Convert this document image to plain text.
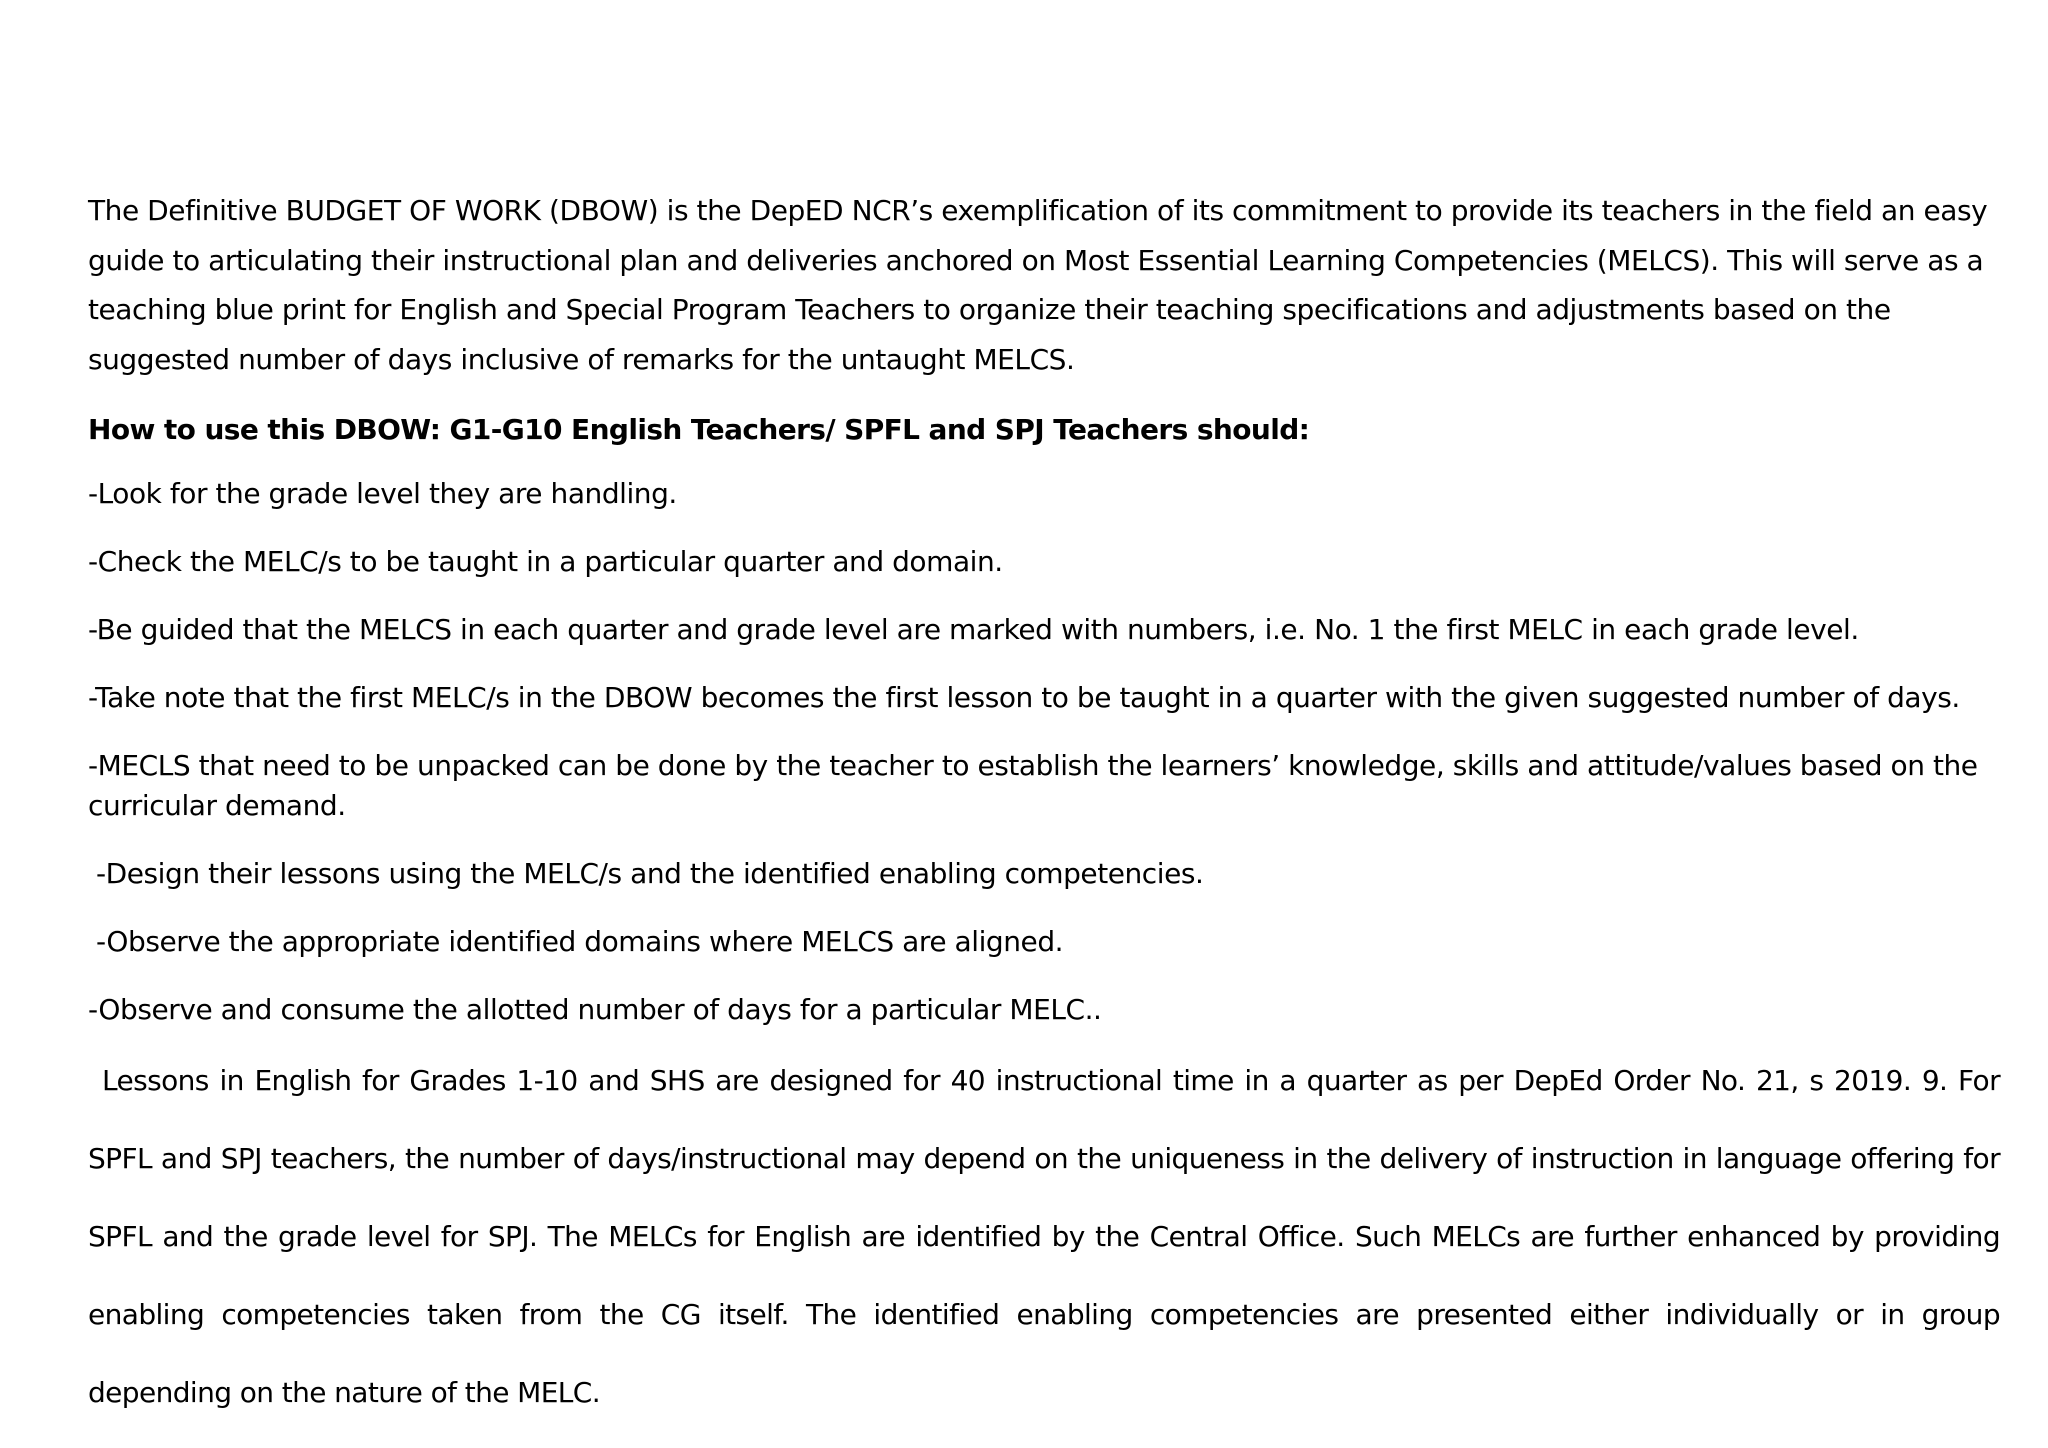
The Definitive BUDGET OF WORK (DBOW) is the DepED NCR’s exemplification of its commitment to provide its teachers in the field an easy guide to articulating their instructional plan and deliveries anchored on Most Essential Learning Competencies (MELCS). This will serve as a teaching blue print for English and Special Program Teachers to organize their teaching specifications and adjustments based on the suggested number of days inclusive of remarks for the untaught MELCS.

How to use this DBOW: G1-G10 English Teachers/ SPFL and SPJ Teachers should:

-Look for the grade level they are handling.

-Check the MELC/s to be taught in a particular quarter and domain.

-Be guided that the MELCS in each quarter and grade level are marked with numbers, i.e. No. 1 the first MELC in each grade level.

-Take note that the first MELC/s in the DBOW becomes the first lesson to be taught in a quarter with the given suggested number of days.

-MECLS that need to be unpacked can be done by the teacher to establish the learners’ knowledge, skills and attitude/values based on the curricular demand.

-Design their lessons using the MELC/s and the identified enabling competencies.

-Observe the appropriate identified domains where MELCS are aligned.

-Observe and consume the allotted number of days for a particular MELC..

Lessons in English for Grades 1-10 and SHS are designed for 40 instructional time in a quarter as per DepEd Order No. 21, s 2019. 9. For SPFL and SPJ teachers, the number of days/instructional may depend on the uniqueness in the delivery of instruction in language offering for SPFL and the grade level for SPJ. The MELCs for English are identified by the Central Office. Such MELCs are further enhanced by providing enabling competencies taken from the CG itself. The identified enabling competencies are presented either individually or in group depending on the nature of the MELC.
